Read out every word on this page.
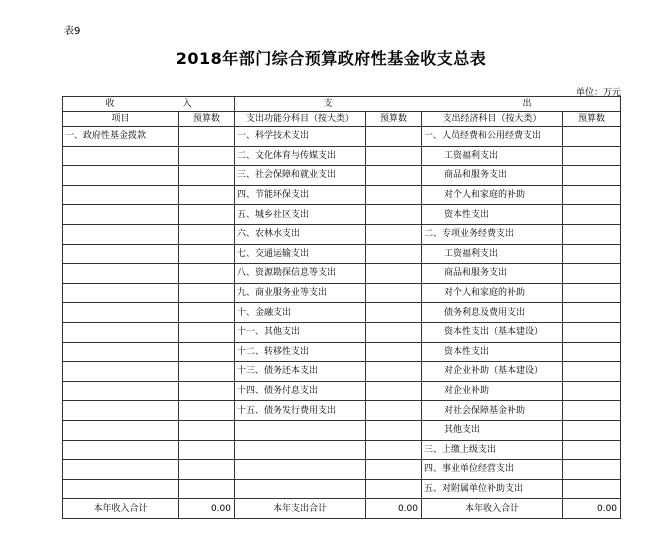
表9
2018年部门综合预算政府性基金收支总表
单位：万元
收 入		支 出			
项目	预算数	支出功能分科目（按大类）	预算数	支出经济科目（按大类）	预算数
一、政府性基金拨款		一、科学技术支出		一、人员经费和公用经费支出	
		二、文化体育与传媒支出		工资福利支出	
		三、社会保障和就业支出		商品和服务支出	
		四、节能环保支出		对个人和家庭的补助	
		五、城乡社区支出		资本性支出	
		六、农林水支出		二、专项业务经费支出	
		七、交通运输支出		工资福利支出	
		八、资源勘探信息等支出		商品和服务支出	
		九、商业服务业等支出		对个人和家庭的补助	
		十、金融支出		债务利息及费用支出	
		十一、其他支出		资本性支出（基本建设）	
		十二、转移性支出		资本性支出	
		十三、债务还本支出		对企业补助（基本建设）	
		十四、债务付息支出		对企业补助	
		十五、债务发行费用支出		对社会保障基金补助	
				其他支出	
				三、上缴上级支出	
				四、事业单位经营支出	
				五、对附属单位补助支出	
本年收入合计	0.00	本年支出合计	0.00	本年收入合计	0.00
